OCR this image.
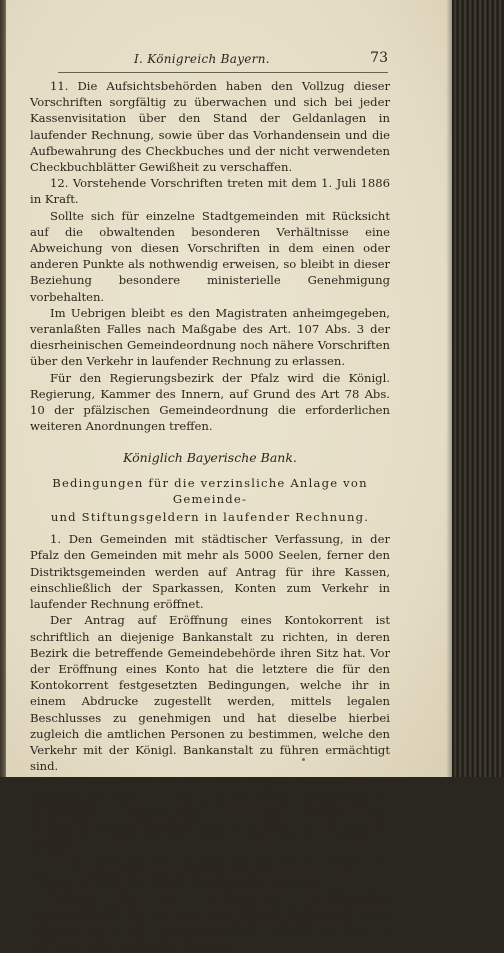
I. Königreich Bayern.	73

11. Die Aufsichtsbehörden haben den Vollzug dieser Vorschriften sorgfältig zu überwachen und sich bei jeder Kassenvisitation über den Stand der Geldanlagen in laufender Rechnung, sowie über das Vorhandensein und die Aufbewahrung des Checkbuches und der nicht verwendeten Checkbuchblätter Gewißheit zu verschaffen.

12. Vorstehende Vorschriften treten mit dem 1. Juli 1886 in Kraft.

Sollte sich für einzelne Stadtgemeinden mit Rücksicht auf die obwaltenden besonderen Verhältnisse eine Abweichung von diesen Vorschriften in dem einen oder anderen Punkte als nothwendig erweisen, so bleibt in dieser Beziehung besondere ministerielle Genehmigung vorbehalten.

Im Uebrigen bleibt es den Magistraten anheimgegeben, veranlaßten Falles nach Maßgabe des Art. 107 Abs. 3 der diesrheinischen Gemeindeordnung noch nähere Vorschriften über den Verkehr in laufender Rechnung zu erlassen.

Für den Regierungsbezirk der Pfalz wird die Königl. Regierung, Kammer des Innern, auf Grund des Art 78 Abs. 10 der pfälzischen Gemeindeordnung die erforderlichen weiteren Anordnungen treffen.

Königlich Bayerische Bank.
Bedingungen für die verzinsliche Anlage von Gemeinde-
und Stiftungsgeldern in laufender Rechnung.

1. Den Gemeinden mit städtischer Verfassung, in der Pfalz den Gemeinden mit mehr als 5000 Seelen, ferner den Distriktsgemeinden werden auf Antrag für ihre Kassen, einschließlich der Sparkassen, Konten zum Verkehr in laufender Rechnung eröffnet.

Der Antrag auf Eröffnung eines Kontokorrent ist schriftlich an diejenige Bankanstalt zu richten, in deren Bezirk die betreffende Gemeindebehörde ihren Sitz hat. Vor der Eröffnung eines Konto hat die letztere die für den Kontokorrent festgesetzten Bedingungen, welche ihr in einem Abdrucke zugestellt werden, mittels legalen Beschlusses zu genehmigen und hat dieselbe hierbei zugleich die amtlichen Personen zu bestimmen, welche den Verkehr mit der Königl. Bankanstalt zu führen ermächtigt sind.

Die Unterschrift des bevollmächtigten Beamten ist in beglaubigter Form bei der kontoführenden Bankanstalt zu hinterlegen. Aenderungen in der Person der obenbezeichneten Beamten sind rechtzeitig zur Anzeige zu bringen.

2. Die geringste Baareinlage beträgt 50 ℳ. Ueber jede Einlage ertheilt die Königl. Bankanstalt Quittung.

Seitens der auf Kontokorrent verkehrenden Gemeindebehörden am Sitze einer Königl. Bankanstalt kann indessen auch ein Konto-Gegenbuch geführt werden. In solchem Falle werden die Einlagen
